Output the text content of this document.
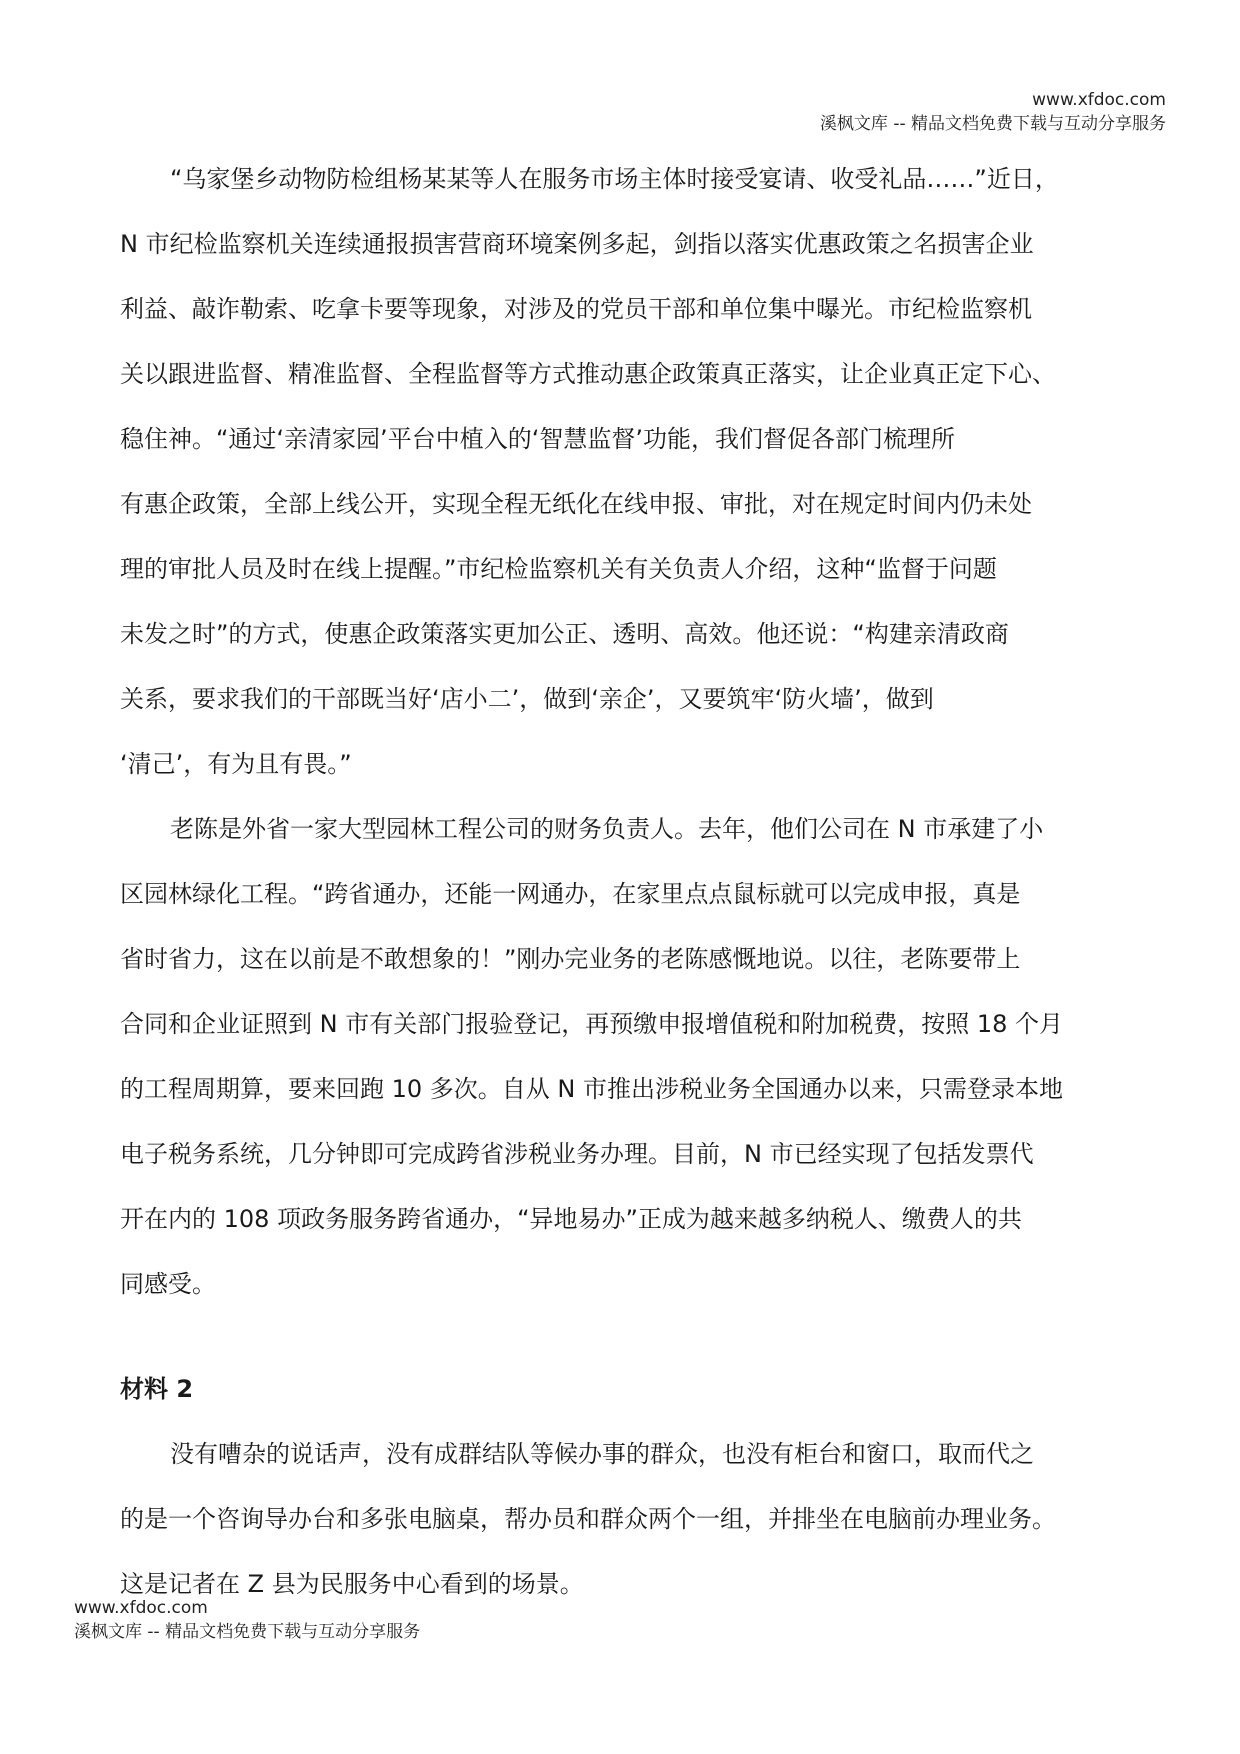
www.xfdoc.com
溪枫文库 -- 精品文档免费下载与互动分享服务
“乌家堡乡动物防检组杨某某等人在服务市场主体时接受宴请、收受礼品……”近日，
N 市纪检监察机关连续通报损害营商环境案例多起，剑指以落实优惠政策之名损害企业
利益、敲诈勒索、吃拿卡要等现象，对涉及的党员干部和单位集中曝光。市纪检监察机
关以跟进监督、精准监督、全程监督等方式推动惠企政策真正落实，让企业真正定下心、
稳住神。“通过‘亲清家园’平台中植入的‘智慧监督’功能，我们督促各部门梳理所
有惠企政策，全部上线公开，实现全程无纸化在线申报、审批，对在规定时间内仍未处
理的审批人员及时在线上提醒。”市纪检监察机关有关负责人介绍，这种“监督于问题
未发之时”的方式，使惠企政策落实更加公正、透明、高效。他还说：“构建亲清政商
关系，要求我们的干部既当好‘店小二’，做到‘亲企’，又要筑牢‘防火墙’，做到
‘清己’，有为且有畏。”
老陈是外省一家大型园林工程公司的财务负责人。去年，他们公司在 N 市承建了小
区园林绿化工程。“跨省通办，还能一网通办，在家里点点鼠标就可以完成申报，真是
省时省力，这在以前是不敢想象的！”刚办完业务的老陈感慨地说。以往，老陈要带上
合同和企业证照到 N 市有关部门报验登记，再预缴申报增值税和附加税费，按照 18 个月
的工程周期算，要来回跑 10 多次。自从 N 市推出涉税业务全国通办以来，只需登录本地
电子税务系统，几分钟即可完成跨省涉税业务办理。目前，N 市已经实现了包括发票代
开在内的 108 项政务服务跨省通办，“异地易办”正成为越来越多纳税人、缴费人的共
同感受。
材料 2
没有嘈杂的说话声，没有成群结队等候办事的群众，也没有柜台和窗口，取而代之
的是一个咨询导办台和多张电脑桌，帮办员和群众两个一组，并排坐在电脑前办理业务。
这是记者在 Z 县为民服务中心看到的场景。
www.xfdoc.com
溪枫文库 -- 精品文档免费下载与互动分享服务
